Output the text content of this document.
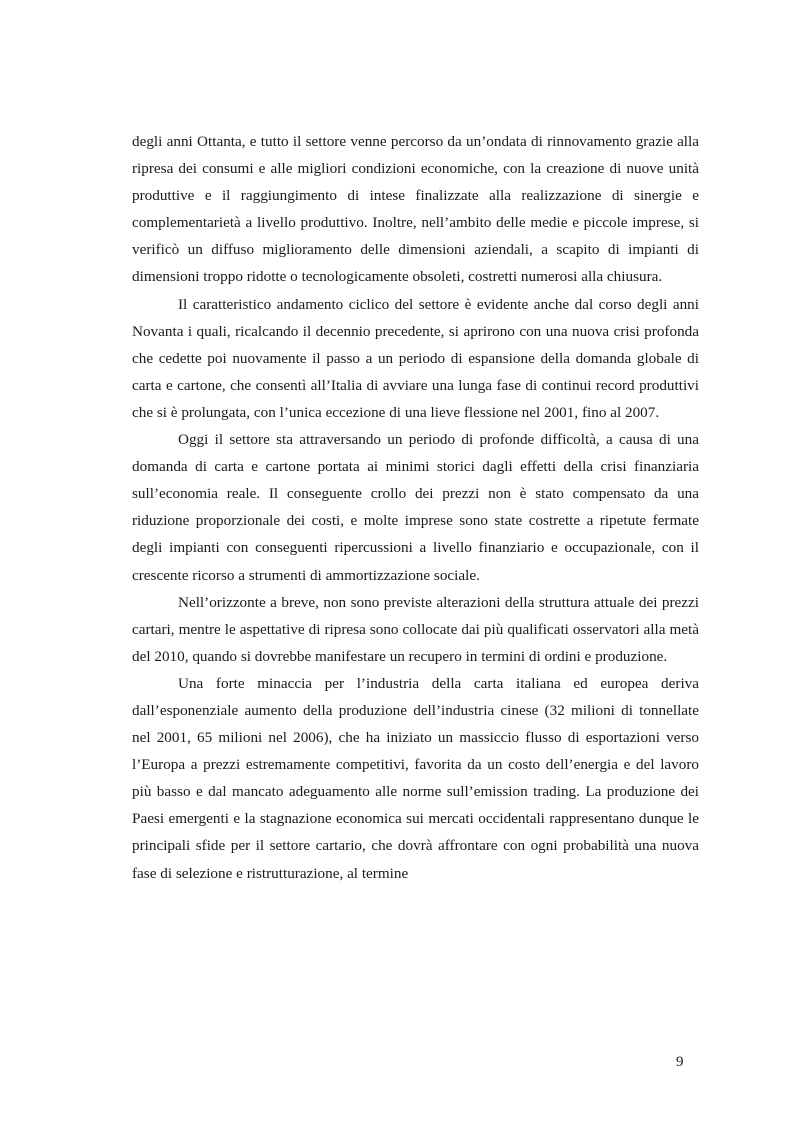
degli anni Ottanta, e tutto il settore venne percorso da un’ondata di rinnovamento grazie alla ripresa dei consumi e alle migliori condizioni economiche, con la creazione di nuove unità produttive e il raggiungimento di intese finalizzate alla realizzazione di sinergie e complementarietà a livello produttivo. Inoltre, nell’ambito delle medie e piccole imprese, si verificò un diffuso miglioramento delle dimensioni aziendali, a scapito di impianti di dimensioni troppo ridotte o tecnologicamente obsoleti, costretti numerosi alla chiusura.

Il caratteristico andamento ciclico del settore è evidente anche dal corso degli anni Novanta i quali, ricalcando il decennio precedente, si aprirono con una nuova crisi profonda che cedette poi nuovamente il passo a un periodo di espansione della domanda globale di carta e cartone, che consentì all’Italia di avviare una lunga fase di continui record produttivi che si è prolungata, con l’unica eccezione di una lieve flessione nel 2001, fino al 2007.

Oggi il settore sta attraversando un periodo di profonde difficoltà, a causa di una domanda di carta e cartone portata ai minimi storici dagli effetti della crisi finanziaria sull’economia reale. Il conseguente crollo dei prezzi non è stato compensato da una riduzione proporzionale dei costi, e molte imprese sono state costrette a ripetute fermate degli impianti con conseguenti ripercussioni a livello finanziario e occupazionale, con il crescente ricorso a strumenti di ammortizzazione sociale.

Nell’orizzonte a breve, non sono previste alterazioni della struttura attuale dei prezzi cartari, mentre le aspettative di ripresa sono collocate dai più qualificati osservatori alla metà del 2010, quando si dovrebbe manifestare un recupero in termini di ordini e produzione.

Una forte minaccia per l’industria della carta italiana ed europea deriva dall’esponenziale aumento della produzione dell’industria cinese (32 milioni di tonnellate nel 2001, 65 milioni nel 2006), che ha iniziato un massiccio flusso di esportazioni verso l’Europa a prezzi estremamente competitivi, favorita da un costo dell’energia e del lavoro più basso e dal mancato adeguamento alle norme sull’emission trading. La produzione dei Paesi emergenti e la stagnazione economica sui mercati occidentali rappresentano dunque le principali sfide per il settore cartario, che dovrà affrontare con ogni probabilità una nuova fase di selezione e ristrutturazione, al termine

9
